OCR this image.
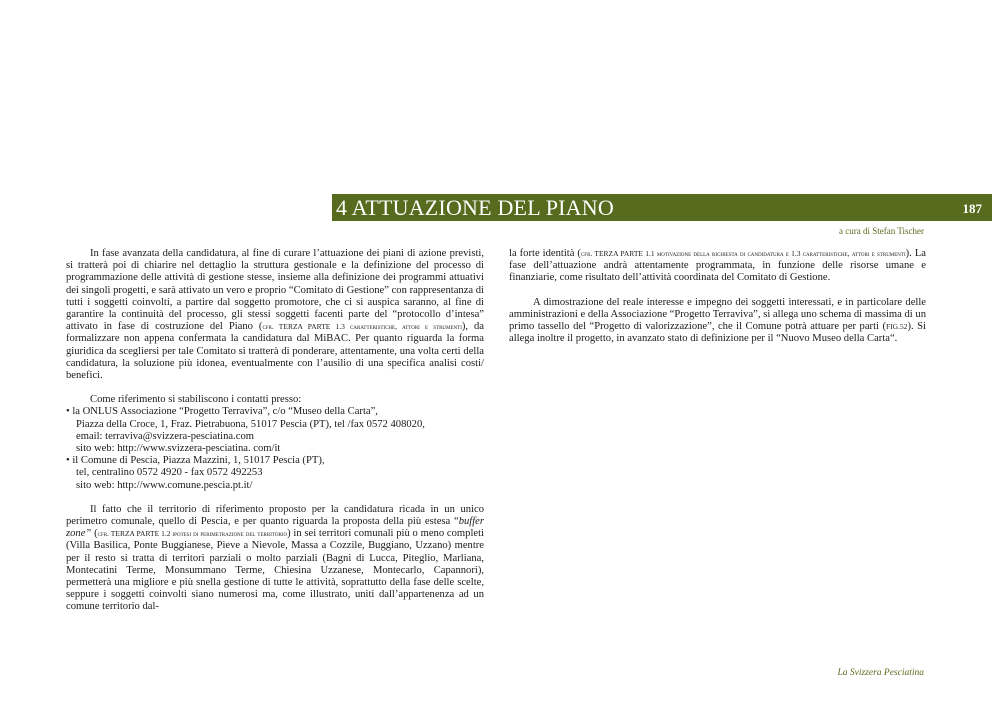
4 ATTUAZIONE DEL PIANO	187
a cura di Stefan Tischer

In fase avanzata della candidatura, al fine di curare l’attuazione dei piani di azione previsti, si tratterà poi di chiarire nel dettaglio la struttura gestionale e la definizione del processo di programmazione delle attività di gestione stesse, insieme alla definizione dei programmi attuativi dei singoli progetti, e sarà attivato un vero e proprio “Comitato di Gestione” con rappresentanza di tutti i soggetti coinvolti, a partire dal soggetto promotore, che ci si auspica saranno, al fine di garantire la continuità del processo, gli stessi soggetti facenti parte del “protocollo d’intesa” attivato in fase di costruzione del Piano (cfr. TERZA PARTE 1.3 caratteristiche, attori e strumenti), da formalizzare non appena confermata la candidatura dal MiBAC. Per quanto riguarda la forma giuridica da scegliersi per tale Comitato si tratterà di ponderare, attentamente, una volta certi della candidatura, la soluzione più idonea, eventualmente con l’ausilio di una specifica analisi costi/ benefici.

Come riferimento si stabiliscono i contatti presso:

• la ONLUS Associazione “Progetto Terraviva”, c/o “Museo della Carta”,

Piazza della Croce, 1, Fraz. Pietrabuona, 51017 Pescia (PT), tel /fax 0572 408020,

email: terraviva@svizzera-pesciatina.com

sito web: http://www.svizzera-pesciatina. com/it

• il Comune di Pescia, Piazza Mazzini, 1, 51017 Pescia (PT),

tel, centralino 0572 4920 - fax 0572 492253

sito web: http://www.comune.pescia.pt.it/

Il fatto che il territorio di riferimento proposto per la candidatura ricada in un unico perimetro comunale, quello di Pescia, e per quanto riguarda la proposta della più estesa “buffer zone” (cfr. TERZA PARTE 1.2 ipotesi di perimetrazione del territorio) in sei territori comunali più o meno completi (Villa Basilica, Ponte Buggianese, Pieve a Nievole, Massa a Cozzile, Buggiano, Uzzano) mentre per il resto si tratta di territori parziali o molto parziali (Bagni di Lucca, Piteglio, Marliana, Montecatini Terme, Monsummano Terme, Chiesina Uzzanese, Montecarlo, Capannori), permetterà una migliore e più snella gestione di tutte le attività, soprattutto della fase delle scelte, seppure i soggetti coinvolti siano numerosi ma, come illustrato, uniti dall’appartenenza ad un comune territorio dal-

la forte identità (cfr. TERZA PARTE 1.1 motivazione della richiesta di candidatura e 1.3 caratteristiche, attori e strumenti). La fase dell’attuazione andrà attentamente programmata, in funzione delle risorse umane e finanziarie, come risultato dell’attività coordinata del Comitato di Gestione.

A dimostrazione del reale interesse e impegno dei soggetti interessati, e in particolare delle amministrazioni e della Associazione “Progetto Terraviva”, si allega uno schema di massima di un primo tassello del “Progetto di valorizzazione”, che il Comune potrà attuare per parti (FIG.52). Si allega inoltre il progetto, in avanzato stato di definizione per il “Nuovo Museo della Carta“.

La Svizzera Pesciatina
